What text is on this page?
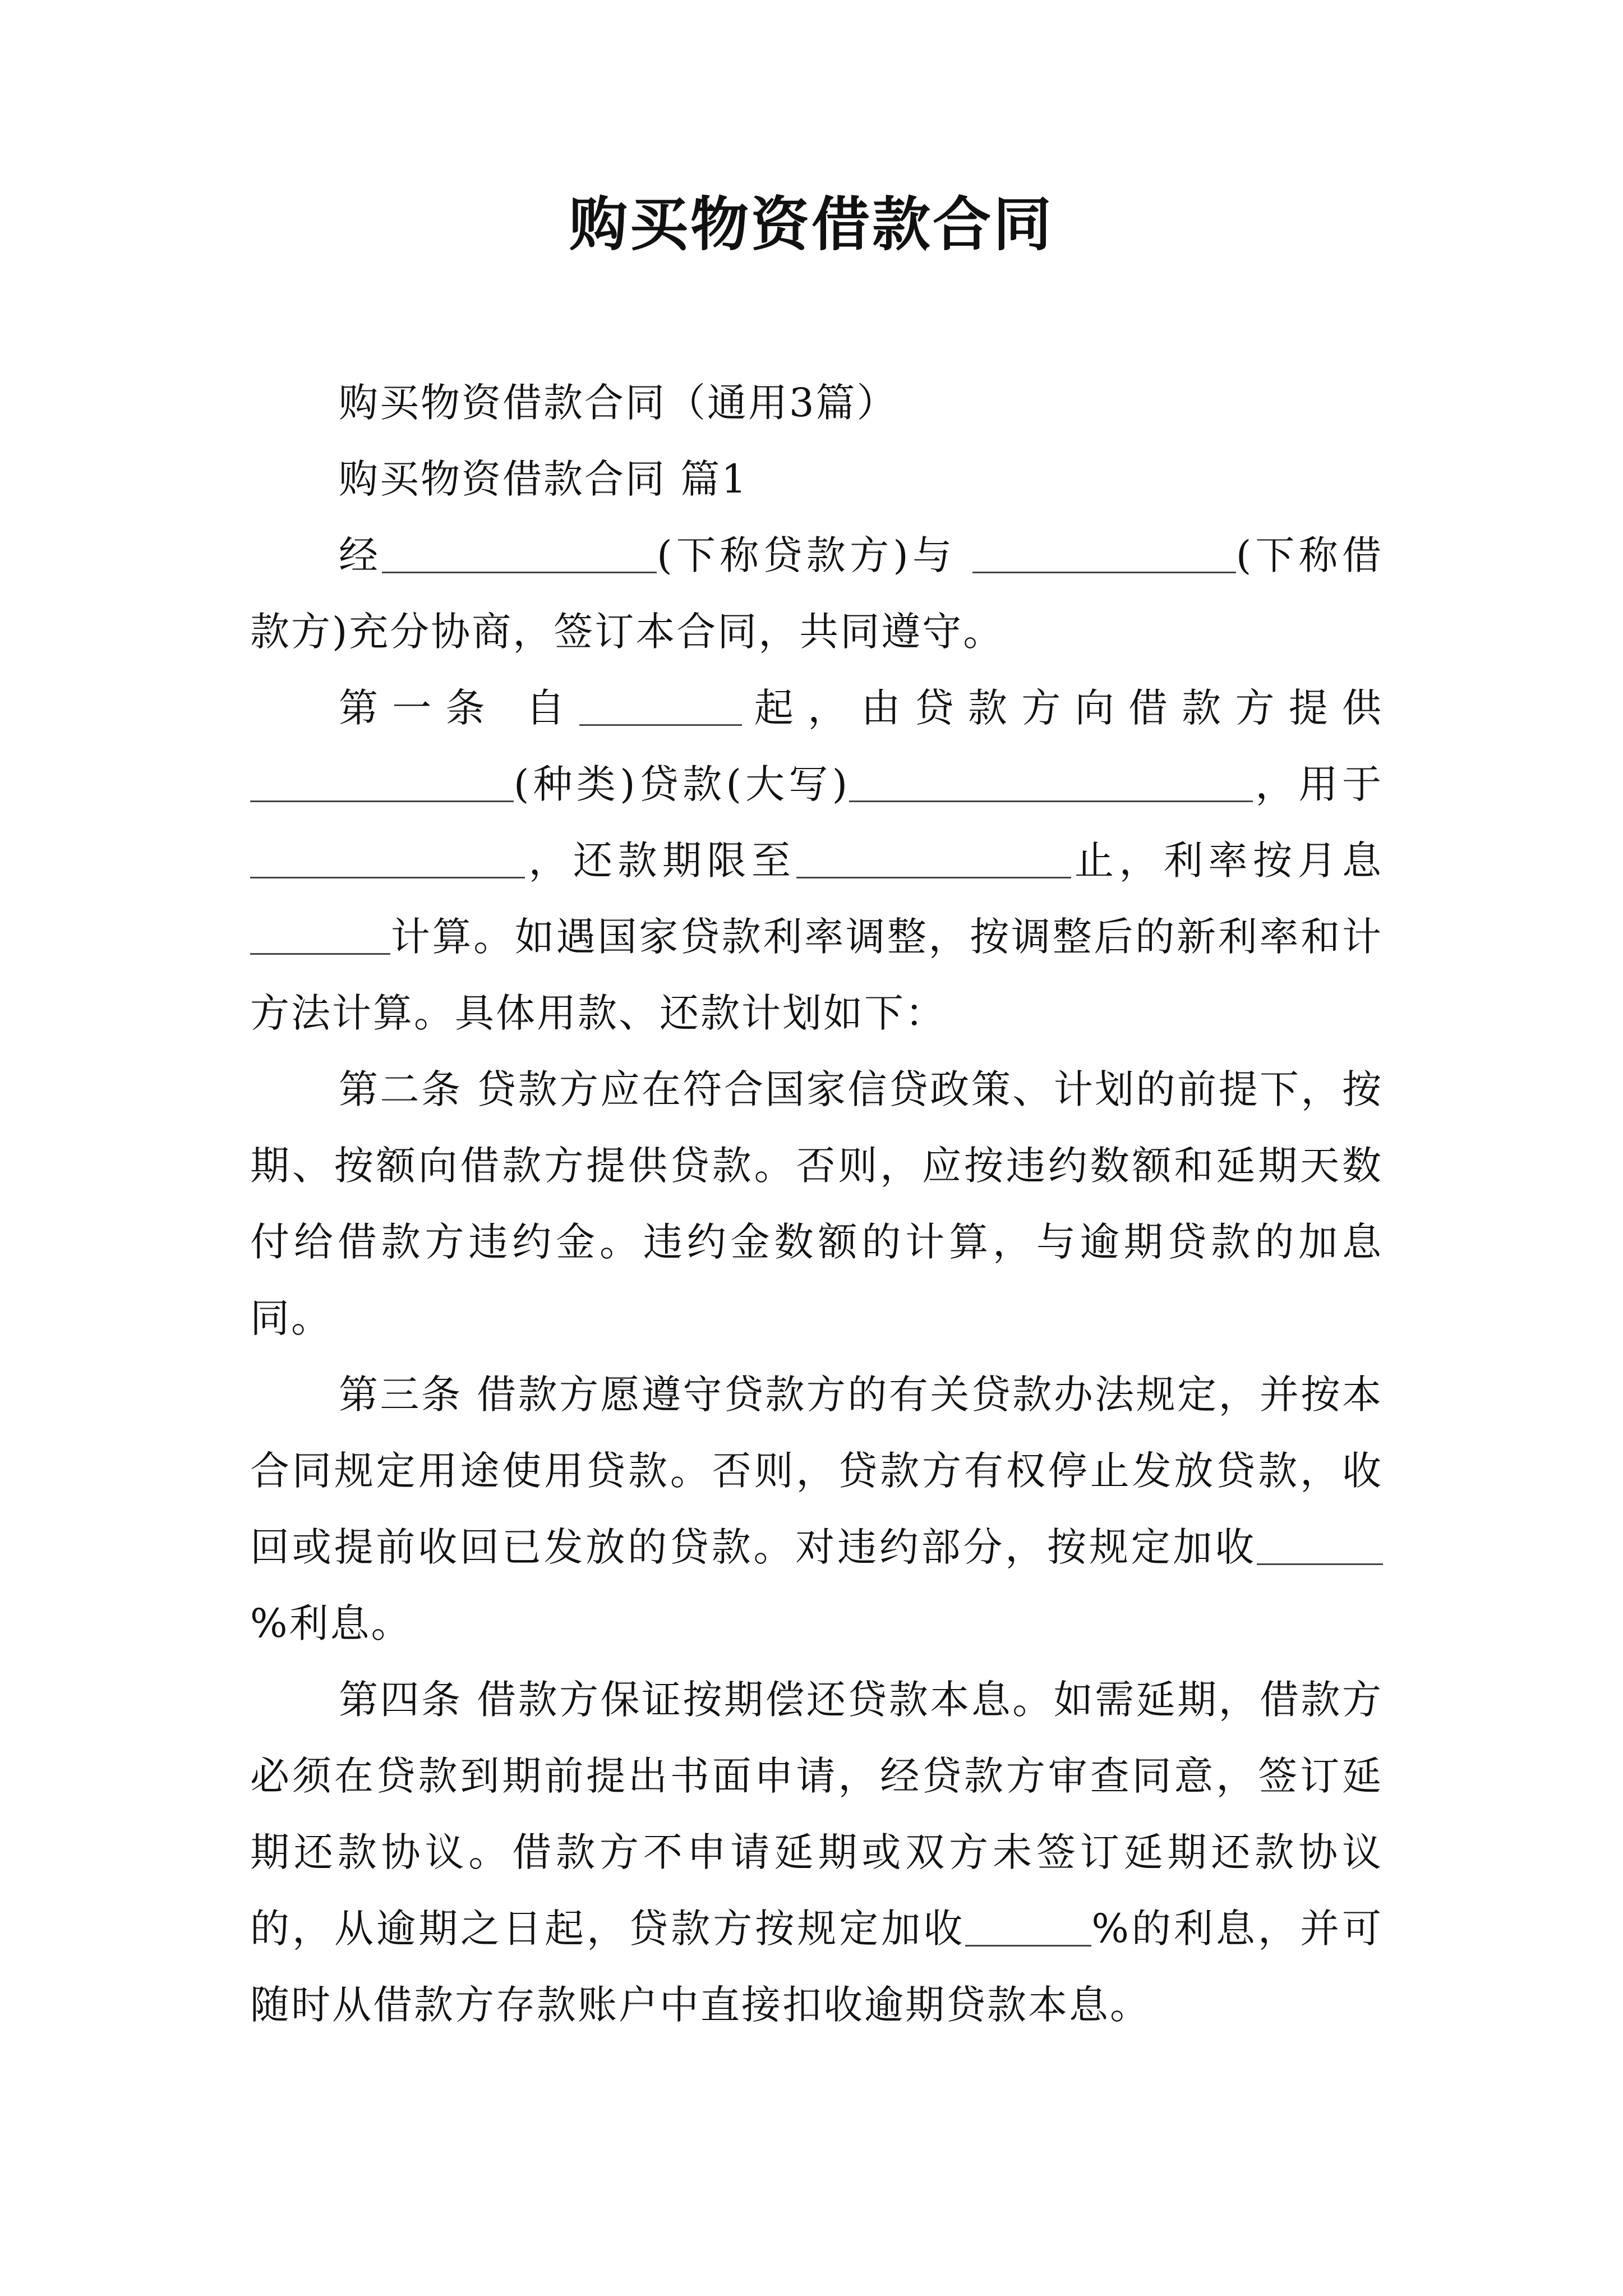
购买物资借款合同

购买物资借款合同（通用3篇）

购买物资借款合同 篇1

经	(下称贷款方)与	(下称借款方)充分协商，签订本合同，共同遵守。

第一条 自	起，由贷款方向借款方提供(种类)贷款(大写)	，用于，还款期限至	止，利率按月息计算。如遇国家贷款利率调整，按调整后的新利率和计方法计算。具体用款、还款计划如下：

第二条 贷款方应在符合国家信贷政策、计划的前提下，按期、按额向借款方提供贷款。否则，应按违约数额和延期天数付给借款方违约金。违约金数额的计算，与逾期贷款的加息同。

第三条 借款方愿遵守贷款方的有关贷款办法规定，并按本合同规定用途使用贷款。否则，贷款方有权停止发放贷款，收回或提前收回已发放的贷款。对违约部分，按规定加收%利息。

第四条 借款方保证按期偿还贷款本息。如需延期，借款方必须在贷款到期前提出书面申请，经贷款方审查同意，签订延期还款协议。借款方不申请延期或双方未签订延期还款协议的，从逾期之日起，贷款方按规定加收	%的利息，并可随时从借款方存款账户中直接扣收逾期贷款本息。
